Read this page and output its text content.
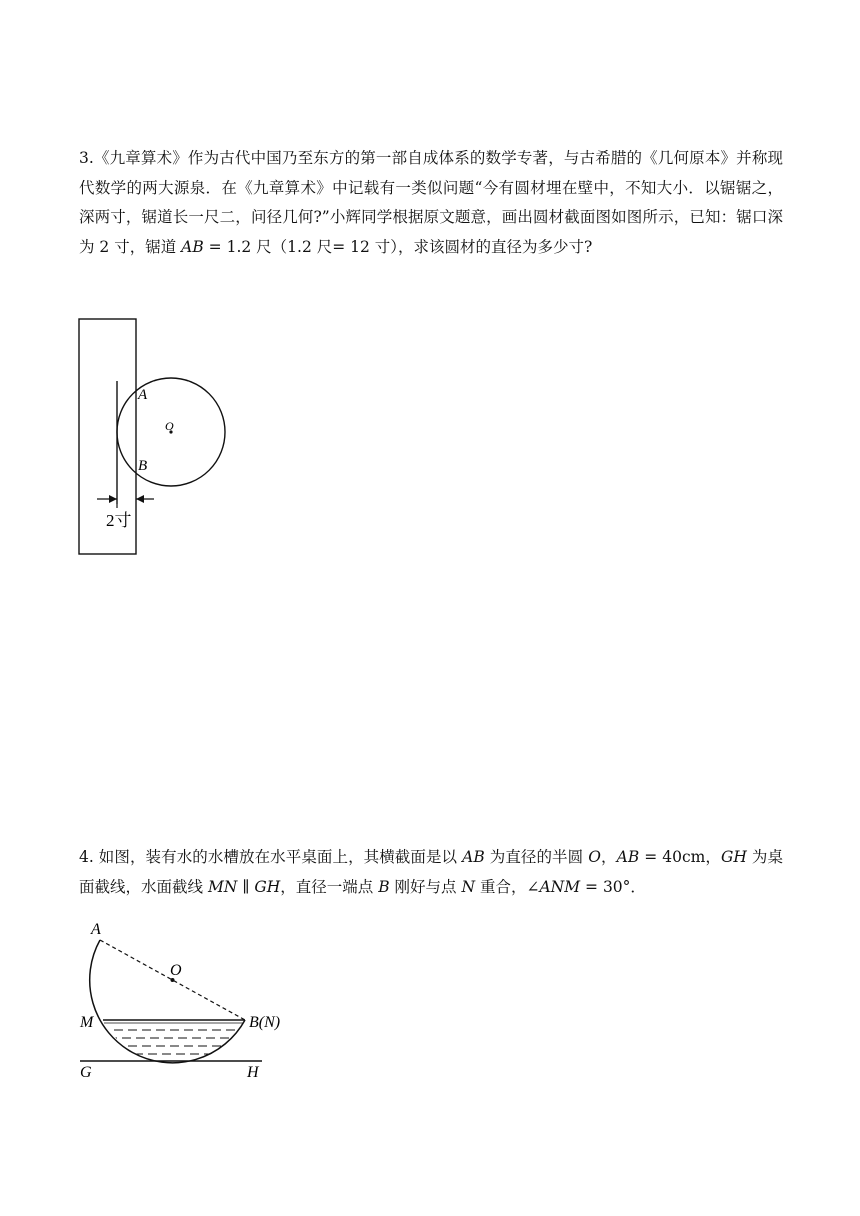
3.《九章算术》作为古代中国乃至东方的第一部自成体系的数学专著，与古希腊的《几何原本》并称现代数学的两大源泉．在《九章算术》中记载有一类似问题“今有圆材埋在壁中，不知大小．以锯锯之，深两寸，锯道长一尺二，问径几何?”小辉同学根据原文题意，画出圆材截面图如图所示，已知：锯口深为 2 寸，锯道 AB = 1.2 尺（1.2 尺= 12 寸），求该圆材的直径为多少寸?

O
A
B
2寸

4. 如图，装有水的水槽放在水平桌面上，其横截面是以 AB 为直径的半圆 O，AB = 40cm，GH 为桌面截线，水面截线 MN ∥ GH，直径一端点 B 刚好与点 N 重合，∠ANM = 30°．

A
O
M	B(N)
G	H
